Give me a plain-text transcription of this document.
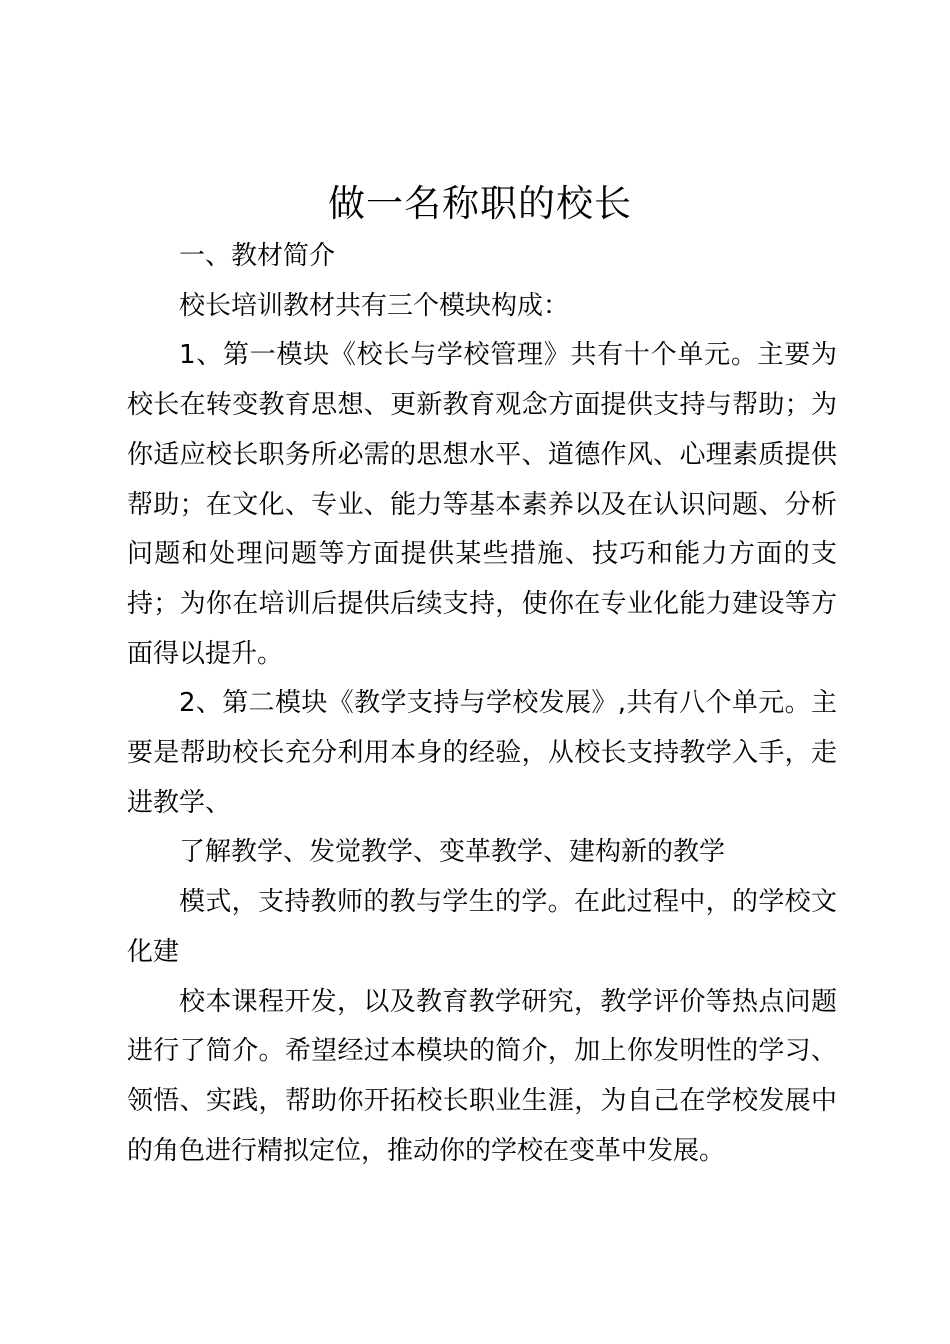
做一名称职的校长

一、教材简介

校长培训教材共有三个模块构成：

1、第一模块《校长与学校管理》共有十个单元。主要为校长在转变教育思想、更新教育观念方面提供支持与帮助；为你适应校长职务所必需的思想水平、道德作风、心理素质提供帮助；在文化、专业、能力等基本素养以及在认识问题、分析问题和处理问题等方面提供某些措施、技巧和能力方面的支持；为你在培训后提供后续支持，使你在专业化能力建设等方面得以提升。

2、第二模块《教学支持与学校发展》,共有八个单元。主要是帮助校长充分利用本身的经验，从校长支持教学入手，走进教学、

了解教学、发觉教学、变革教学、建构新的教学

模式，支持教师的教与学生的学。在此过程中，的学校文化建

校本课程开发，以及教育教学研究，教学评价等热点问题进行了简介。希望经过本模块的简介，加上你发明性的学习、领悟、实践，帮助你开拓校长职业生涯，为自己在学校发展中的角色进行精拟定位，推动你的学校在变革中发展。
